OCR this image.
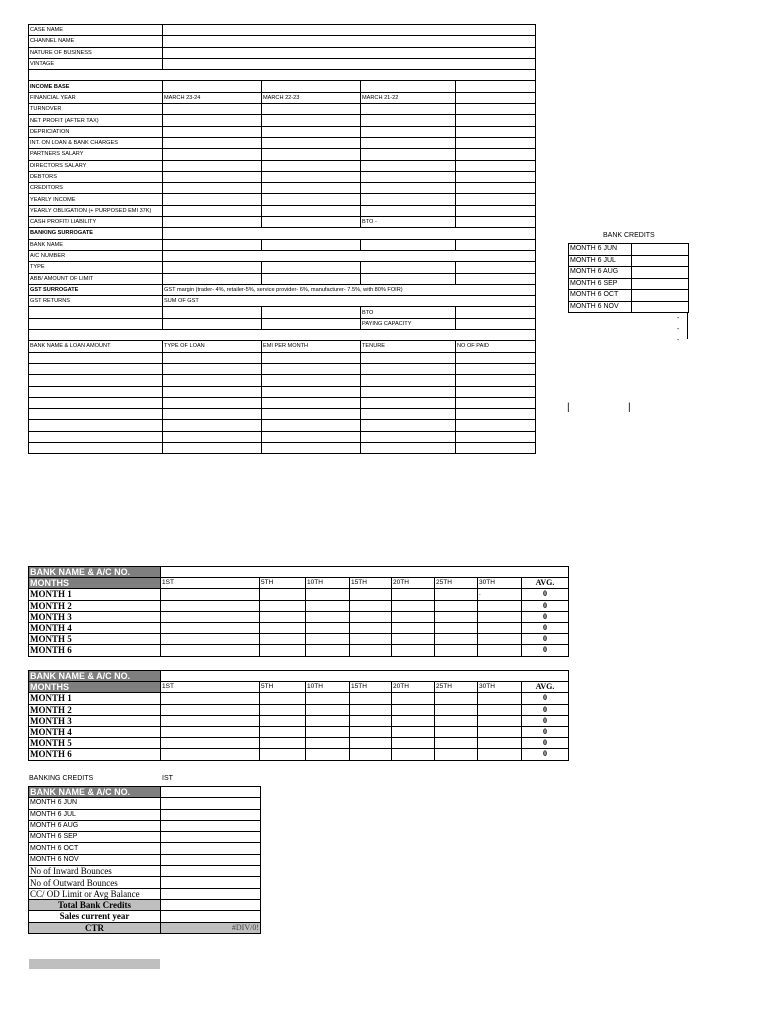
CASE NAME				
CHANNEL NAME				
NATURE OF BUSINESS				
VINTAGE				

INCOME BASE				
FINANCIAL YEAR	MARCH 23-24	MARCH 22-23	MARCH 21-22	
TURNOVER				
NET PROFIT (AFTER TAX)				
DEPRICIATION				
INT. ON LOAN & BANK CHARGES				
PARTNERS SALARY				
DIRECTORS SALARY				
DEBTORS				
CREDITORS				
YEARLY INCOME				
YEARLY OBLIGATION (+ PURPOSED EMI 37K)				
CASH PROFIT/ LIABILITY			BTO -	
BANKING SURROGATE				
BANK NAME				
A/C NUMBER				
TYPE				
ABB/ AMOUNT OF LIMIT				
GST SURROGATE	GST margin (trader- 4%, retailer-5%, service provider- 6%, manufacturer- 7.5%, with 80% FOIR)			
GST RETURNS	SUM OF GST			
			BTO	
			PAYING CAPACITY	

BANK NAME & LOAN AMOUNT	TYPE OF LOAN	EMI PER MONTH	TENURE	NO OF PAID

BANK CREDITS
MONTH 6 JUN	
MONTH 6 JUL	
MONTH 6 AUG	
MONTH 6 SEP	
MONTH 6 OCT	
MONTH 6 NOV	
-
-
-
|	|
BANK NAME & A/C NO.								
MONTHS	1ST	5TH	10TH	15TH	20TH	25TH	30TH	AVG.
MONTH 1							.	0
MONTH 2								0
MONTH 3								0
MONTH 4								0
MONTH 5								0
MONTH 6								0
BANK NAME & A/C NO.								
MONTHS	1ST	5TH	10TH	15TH	20TH	25TH	30TH	AVG.
MONTH 1								0
MONTH 2								0
MONTH 3								0
MONTH 4								0
MONTH 5								0
MONTH 6								0
BANKING CREDITS	IST
BANK NAME & A/C NO.	
MONTH 6 JUN	
MONTH 6 JUL	
MONTH 6 AUG	
MONTH 6 SEP	
MONTH 6 OCT	
MONTH 6 NOV	
No of Inward Bounces	
No of Outward Bounces	
CC/ OD Limit or Avg Balance	
Total Bank Credits	
Sales current year	
CTR	#DIV/0!
